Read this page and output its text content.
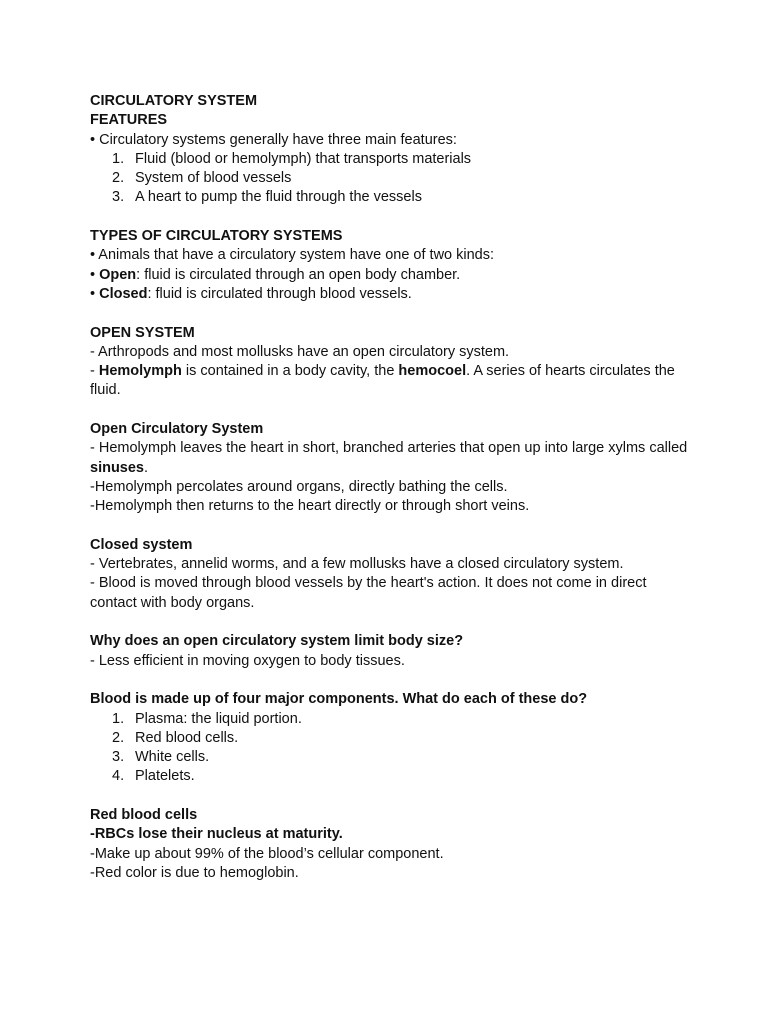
CIRCULATORY SYSTEM
FEATURES
• Circulatory systems generally have three main features:
1. Fluid (blood or hemolymph) that transports materials
2. System of blood vessels
3. A heart to pump the fluid through the vessels
TYPES OF CIRCULATORY SYSTEMS
• Animals that have a circulatory system have one of two kinds:
• Open: fluid is circulated through an open body chamber.
• Closed: fluid is circulated through blood vessels.
OPEN SYSTEM
- Arthropods and most mollusks have an open circulatory system.
- Hemolymph is contained in a body cavity, the hemocoel. A series of hearts circulates the fluid.
Open Circulatory System
- Hemolymph leaves the heart in short, branched arteries that open up into large xylms called sinuses.
-Hemolymph percolates around organs, directly bathing the cells.
-Hemolymph then returns to the heart directly or through short veins.
Closed system
- Vertebrates, annelid worms, and a few mollusks have a closed circulatory system.
- Blood is moved through blood vessels by the heart's action. It does not come in direct contact with body organs.
Why does an open circulatory system limit body size?
- Less efficient in moving oxygen to body tissues.
Blood is made up of four major components. What do each of these do?
1. Plasma: the liquid portion.
2. Red blood cells.
3. White cells.
4. Platelets.
Red blood cells
-RBCs lose their nucleus at maturity.
-Make up about 99% of the blood’s cellular component.
-Red color is due to hemoglobin.
